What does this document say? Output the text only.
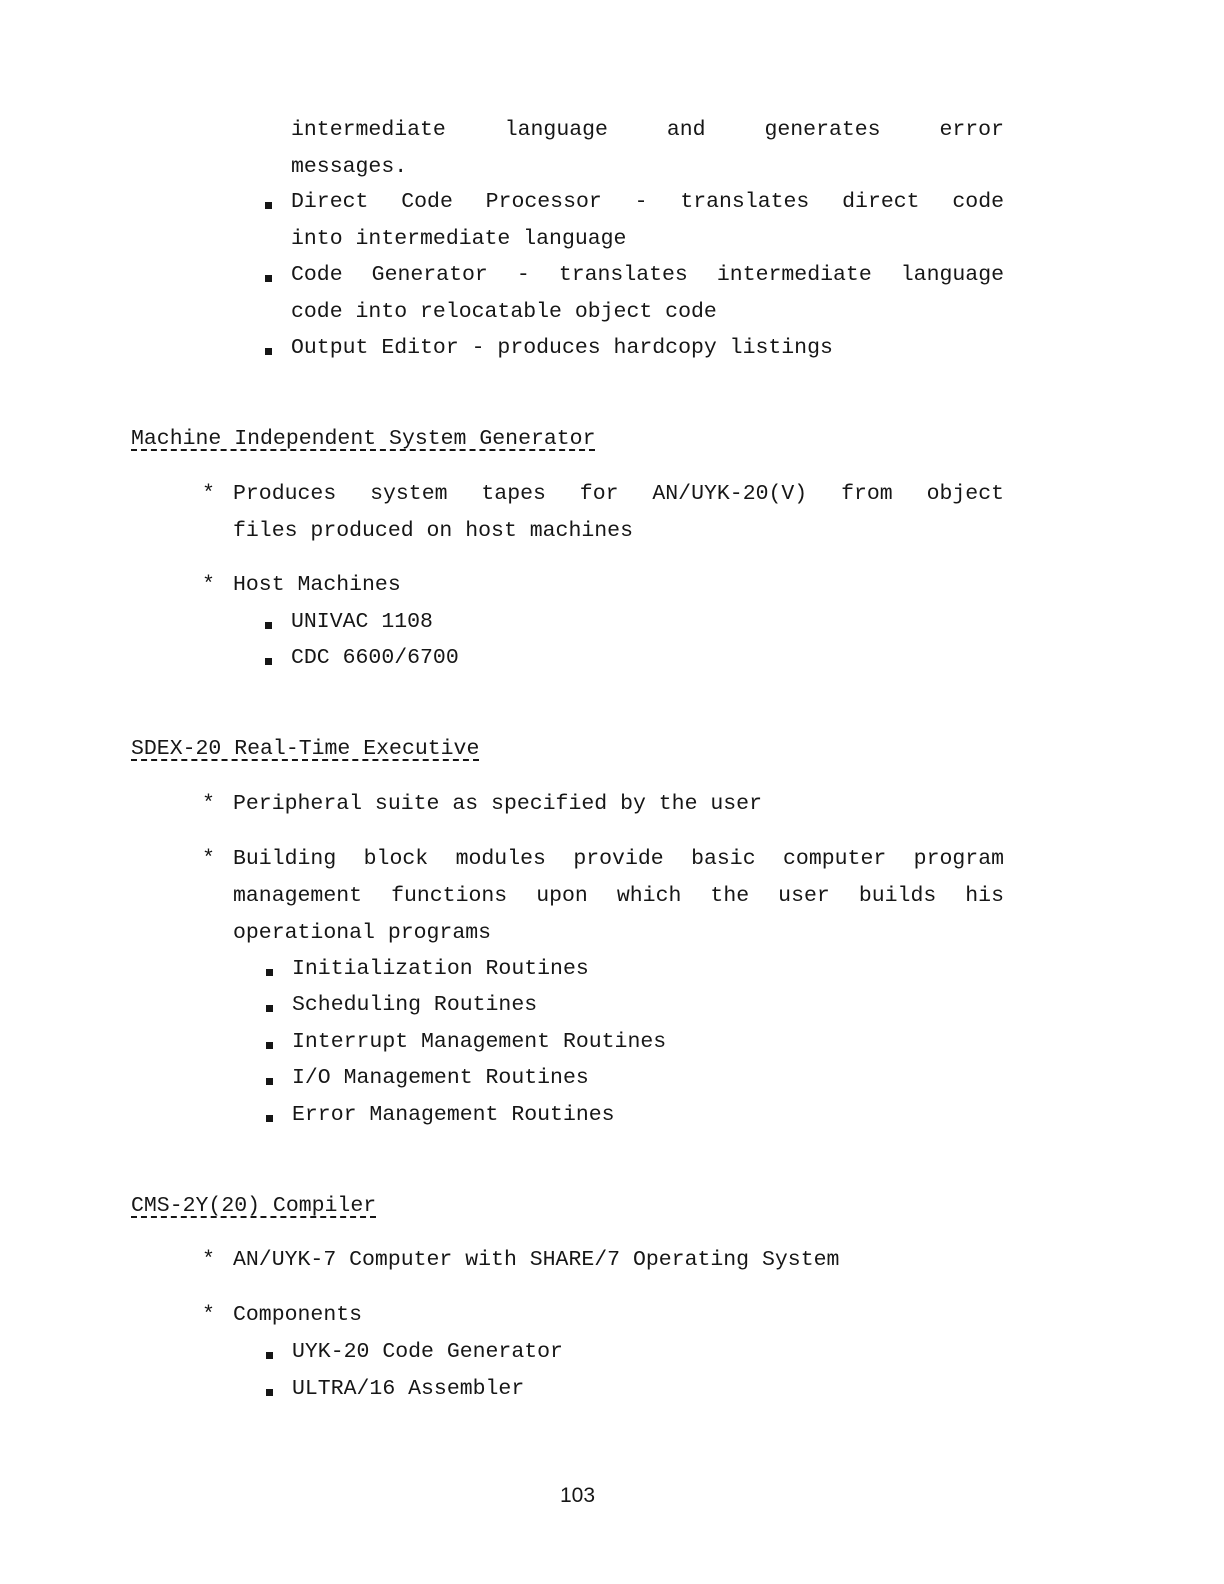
intermediate language and generates error
messages.
Direct Code Processor - translates direct code
into intermediate language
Code Generator - translates intermediate language
code into relocatable object code
Output Editor - produces hardcopy listings
Machine Independent System Generator
* Produces system tapes for AN/UYK-20(V) from object
files produced on host machines
* Host Machines
UNIVAC 1108
CDC 6600/6700
SDEX-20 Real-Time Executive
* Peripheral suite as specified by the user
* Building block modules provide basic computer program
management functions upon which the user builds his
operational programs
Initialization Routines
Scheduling Routines
Interrupt Management Routines
I/O Management Routines
Error Management Routines
CMS-2Y(20) Compiler
* AN/UYK-7 Computer with SHARE/7 Operating System
* Components
UYK-20 Code Generator
ULTRA/16 Assembler
103
